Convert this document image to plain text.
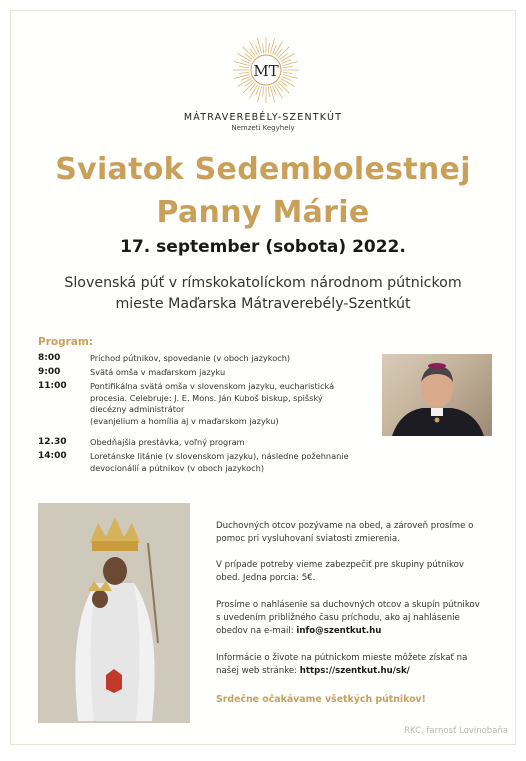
MT
MÁTRAVEREBÉLY-SZENTKÚT
Nemzeti Kegyhely
Sviatok Sedembolestnej
Panny Márie
17. september (sobota) 2022.
Slovenská púť v rímskokatolíckom národnom pútnickom
mieste Maďarska Mátraverebély-Szentkút
Program:
8:00	Príchod pútnikov, spovedanie (v oboch jazykoch)
9:00	Svätá omša v maďarskom jazyku
11:00	Pontifikálna svätá omša v slovenskom jazyku, eucharistická
procesia. Celebruje: J. E. Mons. Ján Kuboš biskup, spišský
diecézny administrátor
(evanjelium a homília aj v maďarskom jazyku)
12.30	Obedňajšia prestávka, voľný program
14:00	Loretánske litánie (v slovenskom jazyku), následne požehnanie
devocionálií a pútnikov (v oboch jazykoch)
Duchovných otcov pozývame na obed, a zároveň prosíme o
pomoc pri vysluhovaní sviatosti zmierenia.
V prípade potreby vieme zabezpečiť pre skupiny pútnikov
obed. Jedna porcia: 5€.
Prosíme o nahlásenie sa duchovných otcov a skupín pútnikov
s uvedením približného času príchodu, ako aj nahlásenie
obedov na e-mail: info@szentkut.hu
Informácie o živote na pútnickom mieste môžete získať na
našej web stránke: https://szentkut.hu/sk/
Srdečne očakávame všetkých pútnikov!
RKC, farnosť Lovinobaňa
